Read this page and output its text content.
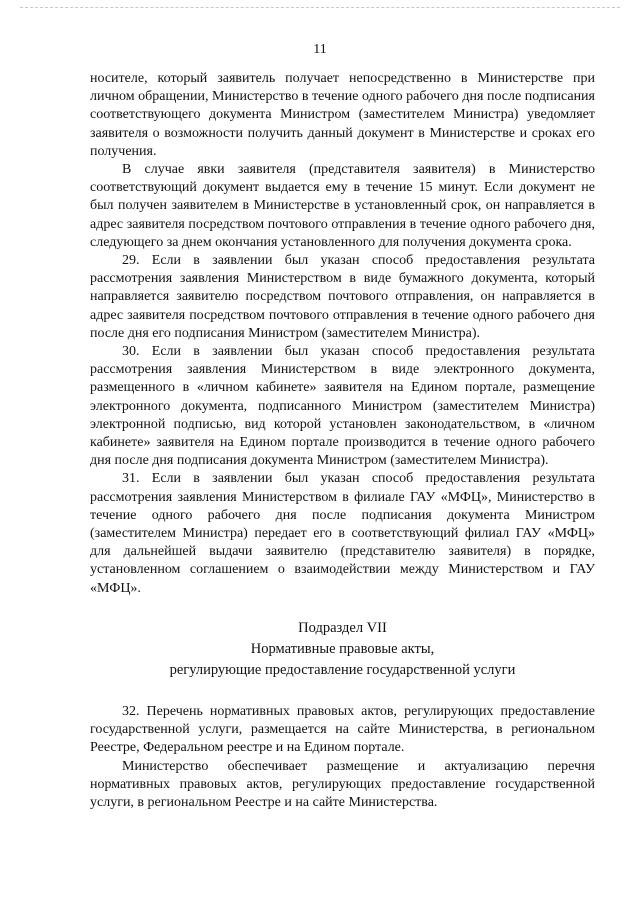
11

носителе, который заявитель получает непосредственно в Министерстве при личном обращении, Министерство в течение одного рабочего дня после подписания соответствующего документа Министром (заместителем Министра) уведомляет заявителя о возможности получить данный документ в Министерстве и сроках его получения.

В случае явки заявителя (представителя заявителя) в Министерство соответствующий документ выдается ему в течение 15 минут. Если документ не был получен заявителем в Министерстве в установленный срок, он направляется в адрес заявителя посредством почтового отправления в течение одного рабочего дня, следующего за днем окончания установленного для получения документа срока.

29. Если в заявлении был указан способ предоставления результата рассмотрения заявления Министерством в виде бумажного документа, который направляется заявителю посредством почтового отправления, он направляется в адрес заявителя посредством почтового отправления в течение одного рабочего дня после дня его подписания Министром (заместителем Министра).

30. Если в заявлении был указан способ предоставления результата рассмотрения заявления Министерством в виде электронного документа, размещенного в «личном кабинете» заявителя на Едином портале, размещение электронного документа, подписанного Министром (заместителем Министра) электронной подписью, вид которой установлен законодательством, в «личном кабинете» заявителя на Едином портале производится в течение одного рабочего дня после дня подписания документа Министром (заместителем Министра).

31. Если в заявлении был указан способ предоставления результата рассмотрения заявления Министерством в филиале ГАУ «МФЦ», Министерство в течение одного рабочего дня после подписания документа Министром (заместителем Министра) передает его в соответствующий филиал ГАУ «МФЦ» для дальнейшей выдачи заявителю (представителю заявителя) в порядке, установленном соглашением о взаимодействии между Министерством и ГАУ «МФЦ».

Подраздел VII
Нормативные правовые акты,
регулирующие предоставление государственной услуги

32. Перечень нормативных правовых актов, регулирующих предоставление государственной услуги, размещается на сайте Министерства, в региональном Реестре, Федеральном реестре и на Едином портале.

Министерство обеспечивает размещение и актуализацию перечня нормативных правовых актов, регулирующих предоставление государственной услуги, в региональном Реестре и на сайте Министерства.
